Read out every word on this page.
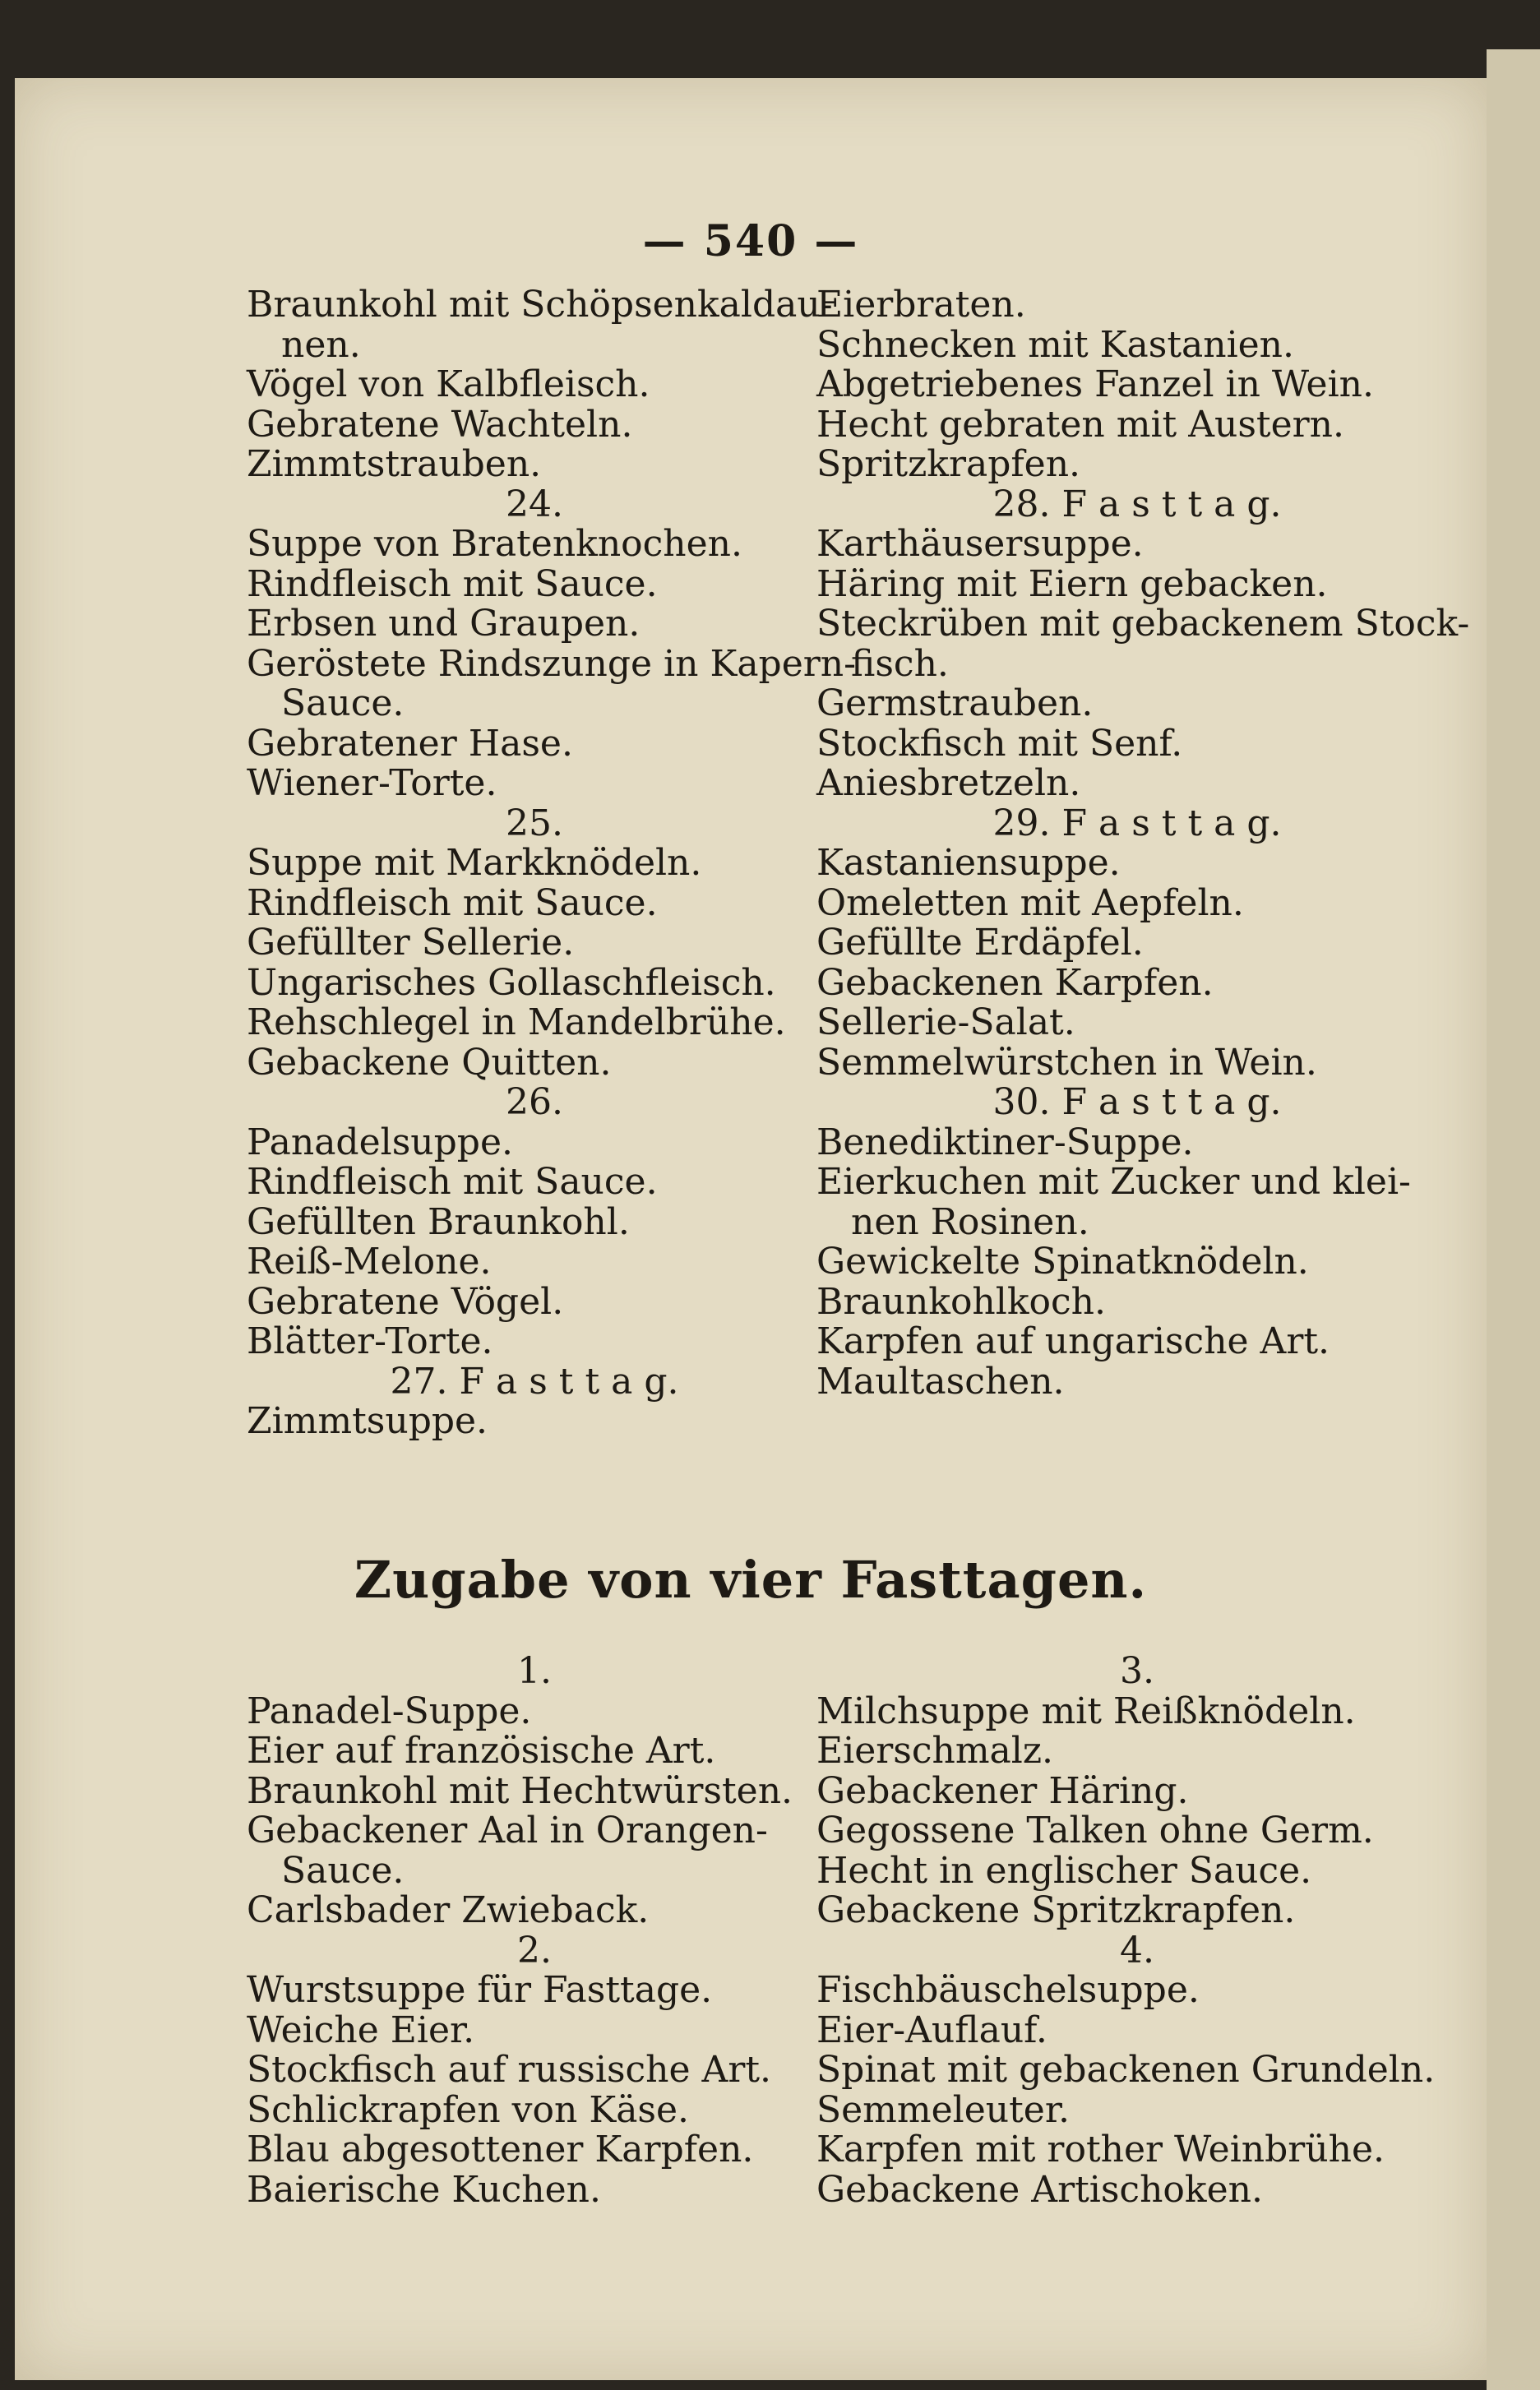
— 540 —
Braunkohl mit Schöpsenkaldau-
nen.
Vögel von Kalbfleisch.
Gebratene Wachteln.
Zimmtstrauben.
24.
Suppe von Bratenknochen.
Rindfleisch mit Sauce.
Erbsen und Graupen.
Geröstete Rindszunge in Kapern-
Sauce.
Gebratener Hase.
Wiener-Torte.
25.
Suppe mit Markknödeln.
Rindfleisch mit Sauce.
Gefüllter Sellerie.
Ungarisches Gollaschfleisch.
Rehschlegel in Mandelbrühe.
Gebackene Quitten.
26.
Panadelsuppe.
Rindfleisch mit Sauce.
Gefüllten Braunkohl.
Reiß-Melone.
Gebratene Vögel.
Blätter-Torte.
27. F a s t t a g.
Zimmtsuppe.
Eierbraten.
Schnecken mit Kastanien.
Abgetriebenes Fanzel in Wein.
Hecht gebraten mit Austern.
Spritzkrapfen.
28. F a s t t a g.
Karthäusersuppe.
Häring mit Eiern gebacken.
Steckrüben mit gebackenem Stock-
fisch.
Germstrauben.
Stockfisch mit Senf.
Aniesbretzeln.
29. F a s t t a g.
Kastaniensuppe.
Omeletten mit Aepfeln.
Gefüllte Erdäpfel.
Gebackenen Karpfen.
Sellerie-Salat.
Semmelwürstchen in Wein.
30. F a s t t a g.
Benediktiner-Suppe.
Eierkuchen mit Zucker und klei-
nen Rosinen.
Gewickelte Spinatknödeln.
Braunkohlkoch.
Karpfen auf ungarische Art.
Maultaschen.
Zugabe von vier Fasttagen.
1.
Panadel-Suppe.
Eier auf französische Art.
Braunkohl mit Hechtwürsten.
Gebackener Aal in Orangen-
Sauce.
Carlsbader Zwieback.
2.
Wurstsuppe für Fasttage.
Weiche Eier.
Stockfisch auf russische Art.
Schlickrapfen von Käse.
Blau abgesottener Karpfen.
Baierische Kuchen.
3.
Milchsuppe mit Reißknödeln.
Eierschmalz.
Gebackener Häring.
Gegossene Talken ohne Germ.
Hecht in englischer Sauce.
Gebackene Spritzkrapfen.
4.
Fischbäuschelsuppe.
Eier-Auflauf.
Spinat mit gebackenen Grundeln.
Semmeleuter.
Karpfen mit rother Weinbrühe.
Gebackene Artischoken.
